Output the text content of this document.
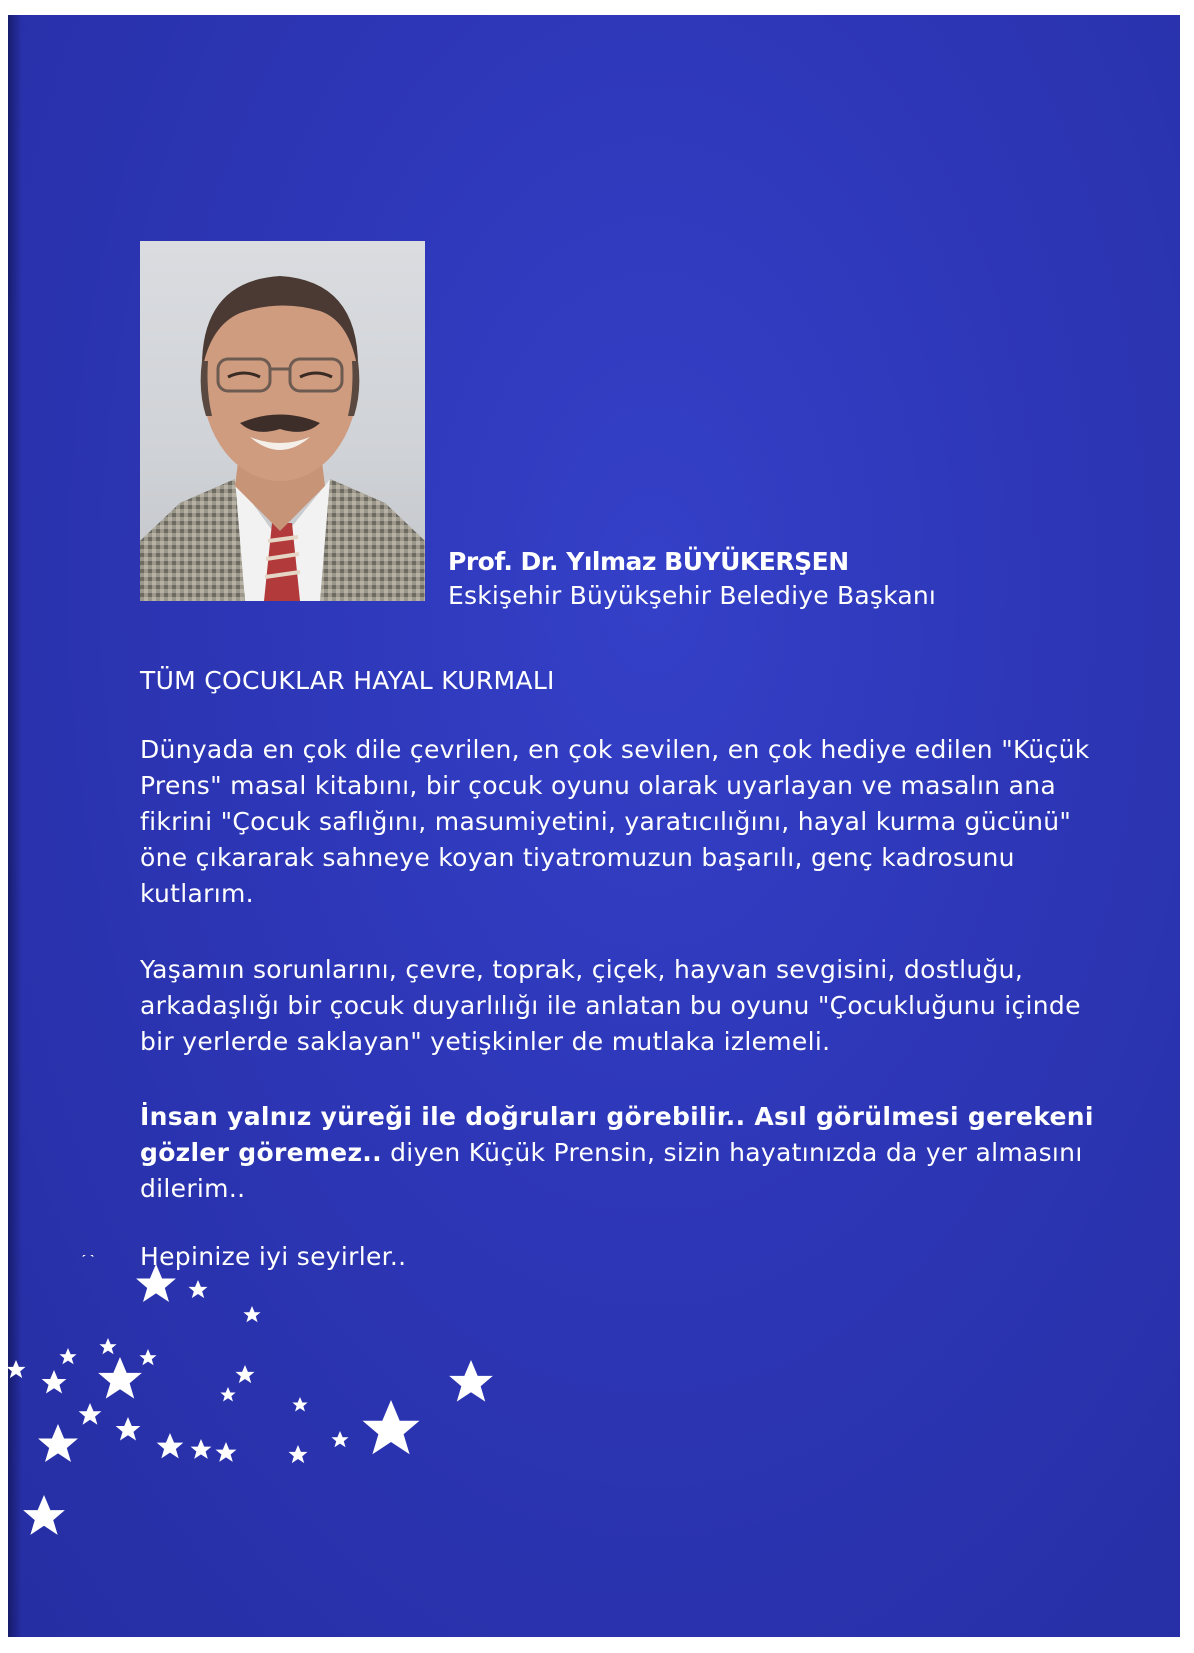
Prof. Dr. Yılmaz BÜYÜKERŞEN
Eskişehir Büyükşehir Belediye Başkanı

TÜM ÇOCUKLAR HAYAL KURMALI

Dünyada en çok dile çevrilen, en çok sevilen, en çok hediye edilen "Küçük Prens" masal kitabını, bir çocuk oyunu olarak uyarlayan ve masalın ana fikrini "Çocuk saflığını, masumiyetini, yaratıcılığını, hayal kurma gücünü" öne çıkararak sahneye koyan tiyatromuzun başarılı, genç kadrosunu kutlarım.

Yaşamın sorunlarını, çevre, toprak, çiçek, hayvan sevgisini, dostluğu, arkadaşlığı bir çocuk duyarlılığı ile anlatan bu oyunu "Çocukluğunu içinde bir yerlerde saklayan" yetişkinler de mutlaka izlemeli.

İnsan yalnız yüreği ile doğruları görebilir.. Asıl görülmesi gerekeni gözler göremez.. diyen Küçük Prensin, sizin hayatınızda da yer almasını dilerim..

Hepinize iyi seyirler..
